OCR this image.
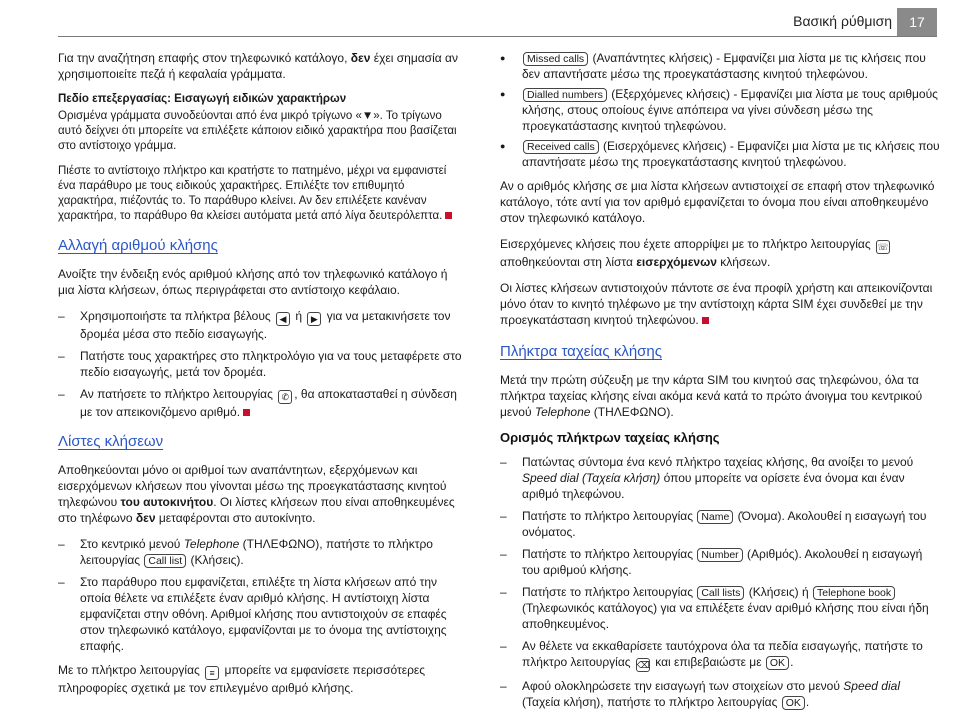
Βασική ρύθμιση	17

Για την αναζήτηση επαφής στον τηλεφωνικό κατάλογο, δεν έχει σημασία αν χρησιμοποιείτε πεζά ή κεφαλαία γράμματα.

Πεδίο επεξεργασίας: Εισαγωγή ειδικών χαρακτήρων

Ορισμένα γράμματα συνοδεύονται από ένα μικρό τρίγωνο «▼». Το τρίγωνο αυτό δείχνει ότι μπορείτε να επιλέξετε κάποιον ειδικό χαρακτήρα που βασίζεται στο αντίστοιχο γράμμα.

Πιέστε το αντίστοιχο πλήκτρο και κρατήστε το πατημένο, μέχρι να εμφανιστεί ένα παράθυρο με τους ειδικούς χαρακτήρες. Επιλέξτε τον επιθυμητό χαρακτήρα, πιέζοντάς το. Το παράθυρο κλείνει. Αν δεν επιλέξετε κανέναν χαρακτήρα, το παράθυρο θα κλείσει αυτόματα μετά από λίγα δευτερόλεπτα.

Αλλαγή αριθμού κλήσης

Ανοίξτε την ένδειξη ενός αριθμού κλήσης από τον τηλεφωνικό κατάλογο ή μια λίστα κλήσεων, όπως περιγράφεται στο αντίστοιχο κεφάλαιο.

– Χρησιμοποιήστε τα πλήκτρα βέλους ◀ ή ▶ για να μετακινήσετε τον δρομέα μέσα στο πεδίο εισαγωγής.
– Πατήστε τους χαρακτήρες στο πληκτρολόγιο για να τους μεταφέρετε στο πεδίο εισαγωγής, μετά τον δρομέα.
– Αν πατήσετε το πλήκτρο λειτουργίας ✆ , θα αποκατασταθεί η σύνδεση με τον απεικονιζόμενο αριθμό.
Λίστες κλήσεων

Αποθηκεύονται μόνο οι αριθμοί των αναπάντητων, εξερχόμενων και εισερχόμενων κλήσεων που γίνονται μέσω της προεγκατάστασης κινητού τηλεφώνου του αυτοκινήτου. Οι λίστες κλήσεων που είναι αποθηκευμένες στο τηλέφωνο δεν μεταφέρονται στο αυτοκίνητο.

– Στο κεντρικό μενού Telephone (ΤΗΛΕΦΩΝΟ), πατήστε το πλήκτρο λειτουργίας Call list (Κλήσεις).
– Στο παράθυρο που εμφανίζεται, επιλέξτε τη λίστα κλήσεων από την οποία θέλετε να επιλέξετε έναν αριθμό κλήσης. Η αντίστοιχη λίστα εμφανίζεται στην οθόνη. Αριθμοί κλήσης που αντιστοιχούν σε επαφές στον τηλεφωνικό κατάλογο, εμφανίζονται με το όνομα της αντίστοιχης επαφής.

Με το πλήκτρο λειτουργίας ≡ μπορείτε να εμφανίσετε περισσότερες πληροφορίες σχετικά με τον επιλεγμένο αριθμό κλήσης.

● Missed calls (Αναπάντητες κλήσεις) - Εμφανίζει μια λίστα με τις κλήσεις που δεν απαντήσατε μέσω της προεγκατάστασης κινητού τηλεφώνου.
● Dialled numbers (Εξερχόμενες κλήσεις) - Εμφανίζει μια λίστα με τους αριθμούς κλήσης, στους οποίους έγινε απόπειρα να γίνει σύνδεση μέσω της προεγκατάστασης κινητού τηλεφώνου.
● Received calls (Εισερχόμενες κλήσεις) - Εμφανίζει μια λίστα με τις κλήσεις που απαντήσατε μέσω της προεγκατάστασης κινητού τηλεφώνου.

Αν ο αριθμός κλήσης σε μια λίστα κλήσεων αντιστοιχεί σε επαφή στον τηλεφωνικό κατάλογο, τότε αντί για τον αριθμό εμφανίζεται το όνομα που είναι αποθηκευμένο στον τηλεφωνικό κατάλογο.

Εισερχόμενες κλήσεις που έχετε απορρίψει με το πλήκτρο λειτουργίας ☏ αποθηκεύονται στη λίστα εισερχόμενων κλήσεων.

Οι λίστες κλήσεων αντιστοιχούν πάντοτε σε ένα προφίλ χρήστη και απεικονίζονται μόνο όταν το κινητό τηλέφωνο με την αντίστοιχη κάρτα SIM έχει συνδεθεί με την προεγκατάσταση κινητού τηλεφώνου.

Πλήκτρα ταχείας κλήσης

Μετά την πρώτη σύζευξη με την κάρτα SIM του κινητού σας τηλεφώνου, όλα τα πλήκτρα ταχείας κλήσης είναι ακόμα κενά κατά το πρώτο άνοιγμα του κεντρικού μενού Telephone (ΤΗΛΕΦΩΝΟ).

Ορισμός πλήκτρων ταχείας κλήσης
– Πατώντας σύντομα ένα κενό πλήκτρο ταχείας κλήσης, θα ανοίξει το μενού Speed dial (Ταχεία κλήση) όπου μπορείτε να ορίσετε ένα όνομα και έναν αριθμό τηλεφώνου.
– Πατήστε το πλήκτρο λειτουργίας Name (Όνομα). Ακολουθεί η εισαγωγή του ονόματος.
– Πατήστε το πλήκτρο λειτουργίας Number (Αριθμός). Ακολουθεί η εισαγωγή του αριθμού κλήσης.
– Πατήστε το πλήκτρο λειτουργίας Call lists (Κλήσεις) ή Telephone book (Τηλεφωνικός κατάλογος) για να επιλέξετε έναν αριθμό κλήσης που είναι ήδη αποθηκευμένος.
– Αν θέλετε να εκκαθαρίσετε ταυτόχρονα όλα τα πεδία εισαγωγής, πατήστε το πλήκτρο λειτουργίας ⌫ και επιβεβαιώστε με OK .
– Αφού ολοκληρώσετε την εισαγωγή των στοιχείων στο μενού Speed dial (Ταχεία κλήση), πατήστε το πλήκτρο λειτουργίας OK .
